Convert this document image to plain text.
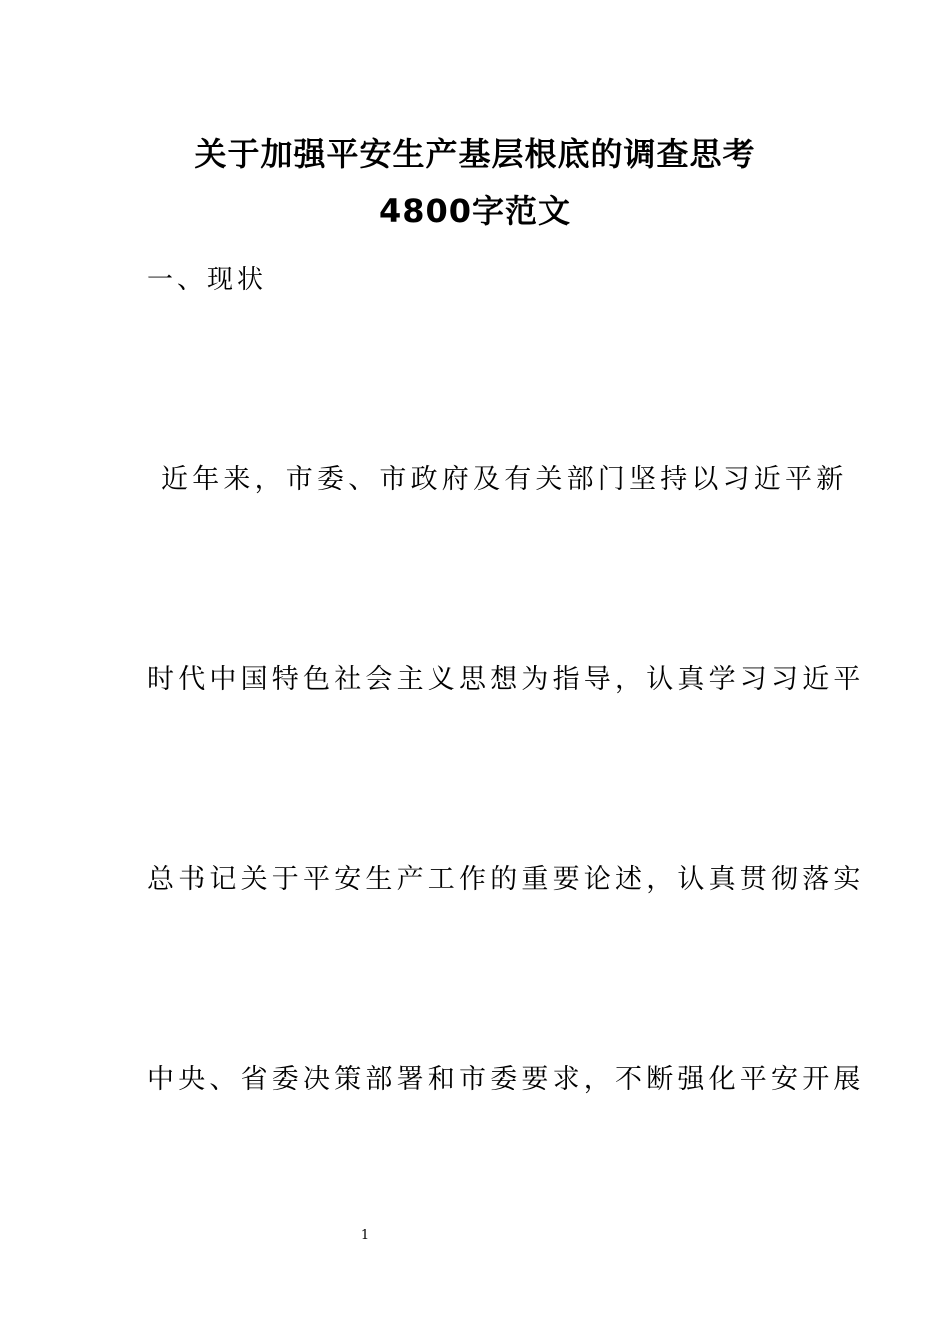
关于加强平安生产基层根底的调查思考
4800字范文
一、现状
近年来，市委、市政府及有关部门坚持以习近平新
时代中国特色社会主义思想为指导，认真学习习近平
总书记关于平安生产工作的重要论述，认真贯彻落实
中央、省委决策部署和市委要求，不断强化平安开展
1
